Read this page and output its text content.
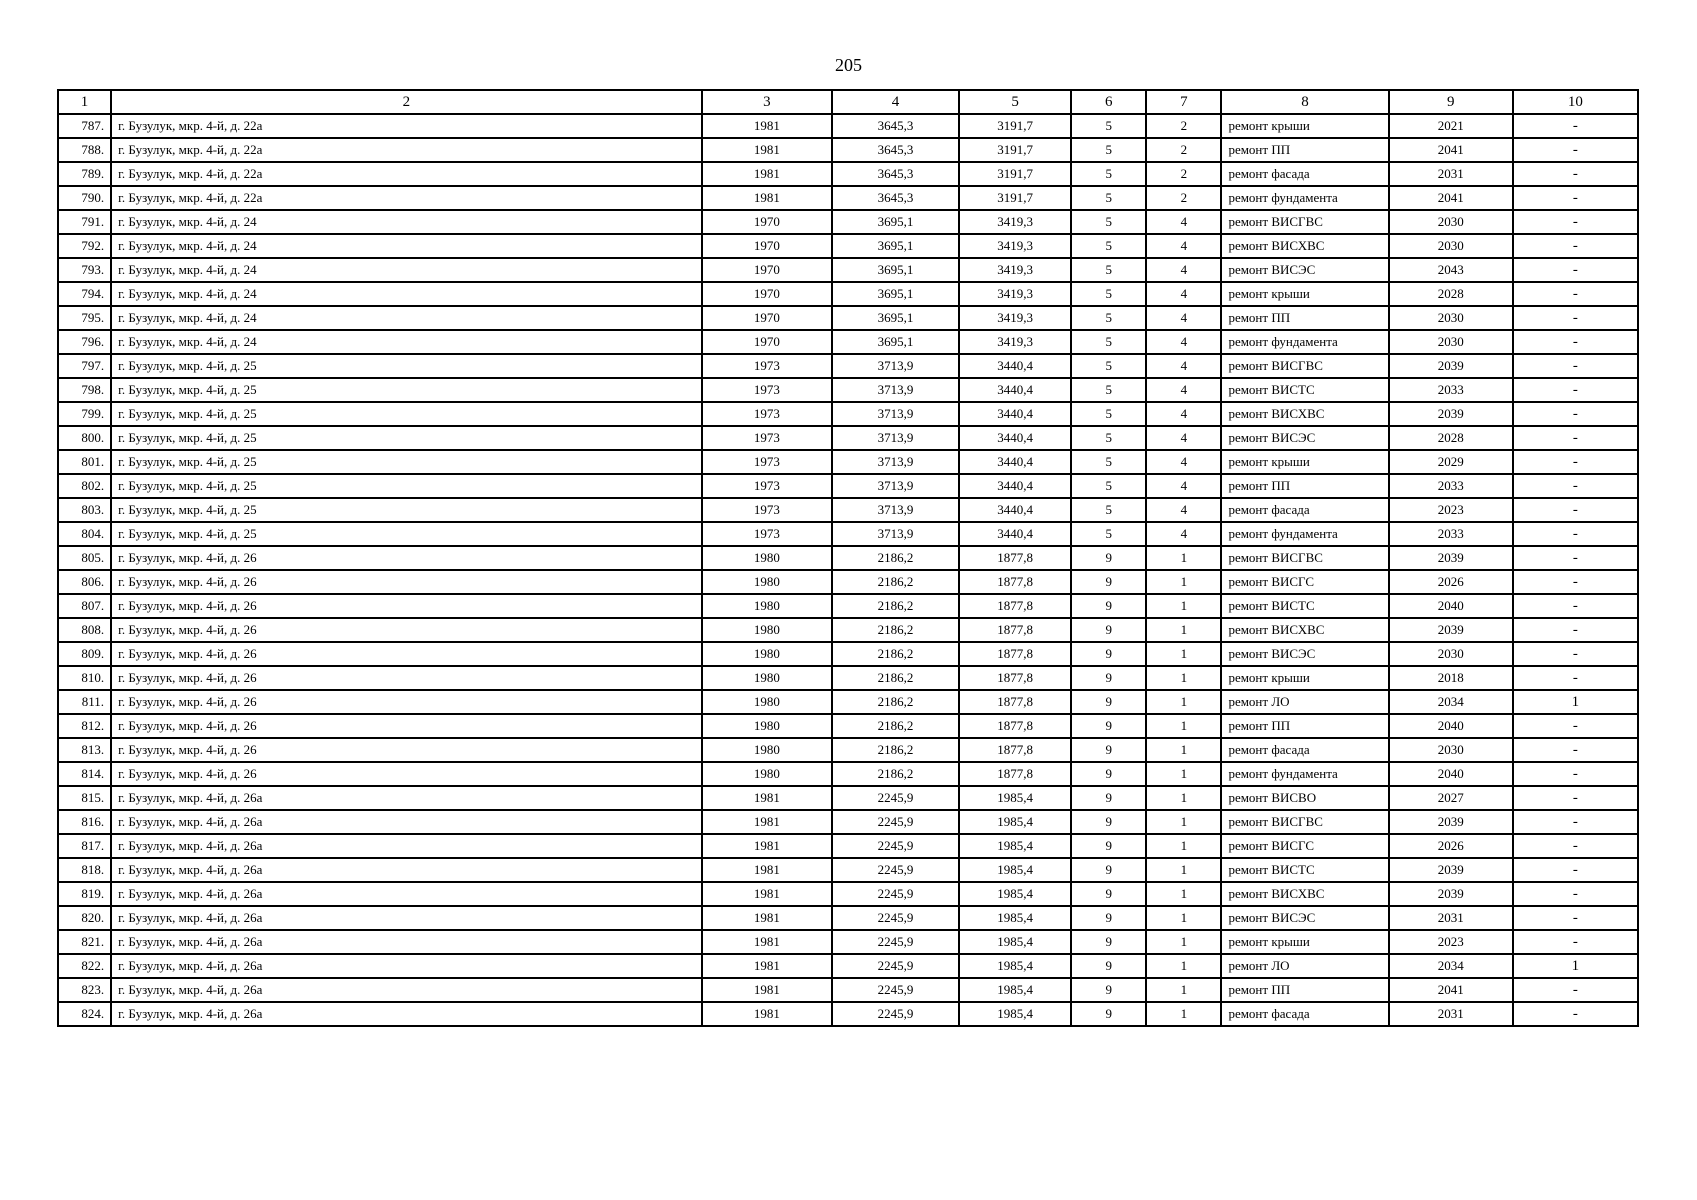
205
1	2	3	4	5	6	7	8	9	10
787.	г. Бузулук, мкр. 4-й, д. 22а	1981	3645,3	3191,7	5	2	ремонт крыши	2021	-
788.	г. Бузулук, мкр. 4-й, д. 22а	1981	3645,3	3191,7	5	2	ремонт ПП	2041	-
789.	г. Бузулук, мкр. 4-й, д. 22а	1981	3645,3	3191,7	5	2	ремонт фасада	2031	-
790.	г. Бузулук, мкр. 4-й, д. 22а	1981	3645,3	3191,7	5	2	ремонт фундамента	2041	-
791.	г. Бузулук, мкр. 4-й, д. 24	1970	3695,1	3419,3	5	4	ремонт ВИСГВС	2030	-
792.	г. Бузулук, мкр. 4-й, д. 24	1970	3695,1	3419,3	5	4	ремонт ВИСХВС	2030	-
793.	г. Бузулук, мкр. 4-й, д. 24	1970	3695,1	3419,3	5	4	ремонт ВИСЭС	2043	-
794.	г. Бузулук, мкр. 4-й, д. 24	1970	3695,1	3419,3	5	4	ремонт крыши	2028	-
795.	г. Бузулук, мкр. 4-й, д. 24	1970	3695,1	3419,3	5	4	ремонт ПП	2030	-
796.	г. Бузулук, мкр. 4-й, д. 24	1970	3695,1	3419,3	5	4	ремонт фундамента	2030	-
797.	г. Бузулук, мкр. 4-й, д. 25	1973	3713,9	3440,4	5	4	ремонт ВИСГВС	2039	-
798.	г. Бузулук, мкр. 4-й, д. 25	1973	3713,9	3440,4	5	4	ремонт ВИСТС	2033	-
799.	г. Бузулук, мкр. 4-й, д. 25	1973	3713,9	3440,4	5	4	ремонт ВИСХВС	2039	-
800.	г. Бузулук, мкр. 4-й, д. 25	1973	3713,9	3440,4	5	4	ремонт ВИСЭС	2028	-
801.	г. Бузулук, мкр. 4-й, д. 25	1973	3713,9	3440,4	5	4	ремонт крыши	2029	-
802.	г. Бузулук, мкр. 4-й, д. 25	1973	3713,9	3440,4	5	4	ремонт ПП	2033	-
803.	г. Бузулук, мкр. 4-й, д. 25	1973	3713,9	3440,4	5	4	ремонт фасада	2023	-
804.	г. Бузулук, мкр. 4-й, д. 25	1973	3713,9	3440,4	5	4	ремонт фундамента	2033	-
805.	г. Бузулук, мкр. 4-й, д. 26	1980	2186,2	1877,8	9	1	ремонт ВИСГВС	2039	-
806.	г. Бузулук, мкр. 4-й, д. 26	1980	2186,2	1877,8	9	1	ремонт ВИСГС	2026	-
807.	г. Бузулук, мкр. 4-й, д. 26	1980	2186,2	1877,8	9	1	ремонт ВИСТС	2040	-
808.	г. Бузулук, мкр. 4-й, д. 26	1980	2186,2	1877,8	9	1	ремонт ВИСХВС	2039	-
809.	г. Бузулук, мкр. 4-й, д. 26	1980	2186,2	1877,8	9	1	ремонт ВИСЭС	2030	-
810.	г. Бузулук, мкр. 4-й, д. 26	1980	2186,2	1877,8	9	1	ремонт крыши	2018	-
811.	г. Бузулук, мкр. 4-й, д. 26	1980	2186,2	1877,8	9	1	ремонт ЛО	2034	1
812.	г. Бузулук, мкр. 4-й, д. 26	1980	2186,2	1877,8	9	1	ремонт ПП	2040	-
813.	г. Бузулук, мкр. 4-й, д. 26	1980	2186,2	1877,8	9	1	ремонт фасада	2030	-
814.	г. Бузулук, мкр. 4-й, д. 26	1980	2186,2	1877,8	9	1	ремонт фундамента	2040	-
815.	г. Бузулук, мкр. 4-й, д. 26а	1981	2245,9	1985,4	9	1	ремонт ВИСВО	2027	-
816.	г. Бузулук, мкр. 4-й, д. 26а	1981	2245,9	1985,4	9	1	ремонт ВИСГВС	2039	-
817.	г. Бузулук, мкр. 4-й, д. 26а	1981	2245,9	1985,4	9	1	ремонт ВИСГС	2026	-
818.	г. Бузулук, мкр. 4-й, д. 26а	1981	2245,9	1985,4	9	1	ремонт ВИСТС	2039	-
819.	г. Бузулук, мкр. 4-й, д. 26а	1981	2245,9	1985,4	9	1	ремонт ВИСХВС	2039	-
820.	г. Бузулук, мкр. 4-й, д. 26а	1981	2245,9	1985,4	9	1	ремонт ВИСЭС	2031	-
821.	г. Бузулук, мкр. 4-й, д. 26а	1981	2245,9	1985,4	9	1	ремонт крыши	2023	-
822.	г. Бузулук, мкр. 4-й, д. 26а	1981	2245,9	1985,4	9	1	ремонт ЛО	2034	1
823.	г. Бузулук, мкр. 4-й, д. 26а	1981	2245,9	1985,4	9	1	ремонт ПП	2041	-
824.	г. Бузулук, мкр. 4-й, д. 26а	1981	2245,9	1985,4	9	1	ремонт фасада	2031	-
